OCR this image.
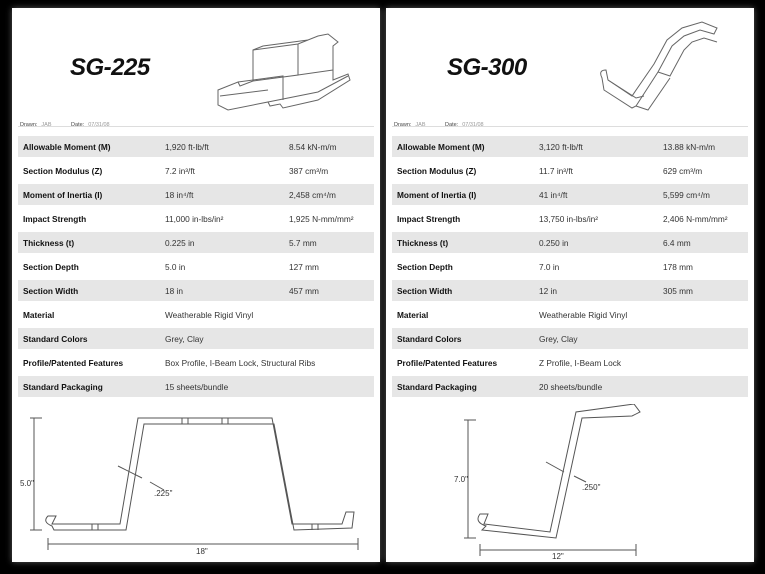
SG-225
Drawn: JAB	Date: 07/31/08
Allowable Moment (M)	1,920 ft-lb/ft	8.54 kN-m/m
Section Modulus (Z)	7.2 in³/ft	387 cm³/m
Moment of Inertia (I)	18 in⁴/ft	2,458 cm⁴/m
Impact Strength	11,000 in-lbs/in²	1,925 N-mm/mm²
Thickness (t)	0.225 in	5.7 mm
Section Depth	5.0 in	127 mm
Section Width	18 in	457 mm
Material	Weatherable Rigid Vinyl
Standard Colors	Grey, Clay
Profile/Patented Features	Box Profile, I-Beam Lock, Structural Ribs
Standard Packaging	15 sheets/bundle
5.0"
.225"
18"
SG-300
Drawn: JAB	Date: 07/31/08
Allowable Moment (M)	3,120 ft-lb/ft	13.88 kN-m/m
Section Modulus (Z)	11.7 in³/ft	629 cm³/m
Moment of Inertia (I)	41 in⁴/ft	5,599 cm⁴/m
Impact Strength	13,750 in-lbs/in²	2,406 N-mm/mm²
Thickness (t)	0.250 in	6.4 mm
Section Depth	7.0 in	178 mm
Section Width	12 in	305 mm
Material	Weatherable Rigid Vinyl
Standard Colors	Grey, Clay
Profile/Patented Features	Z Profile, I-Beam Lock
Standard Packaging	20 sheets/bundle
7.0"
.250"
12"
